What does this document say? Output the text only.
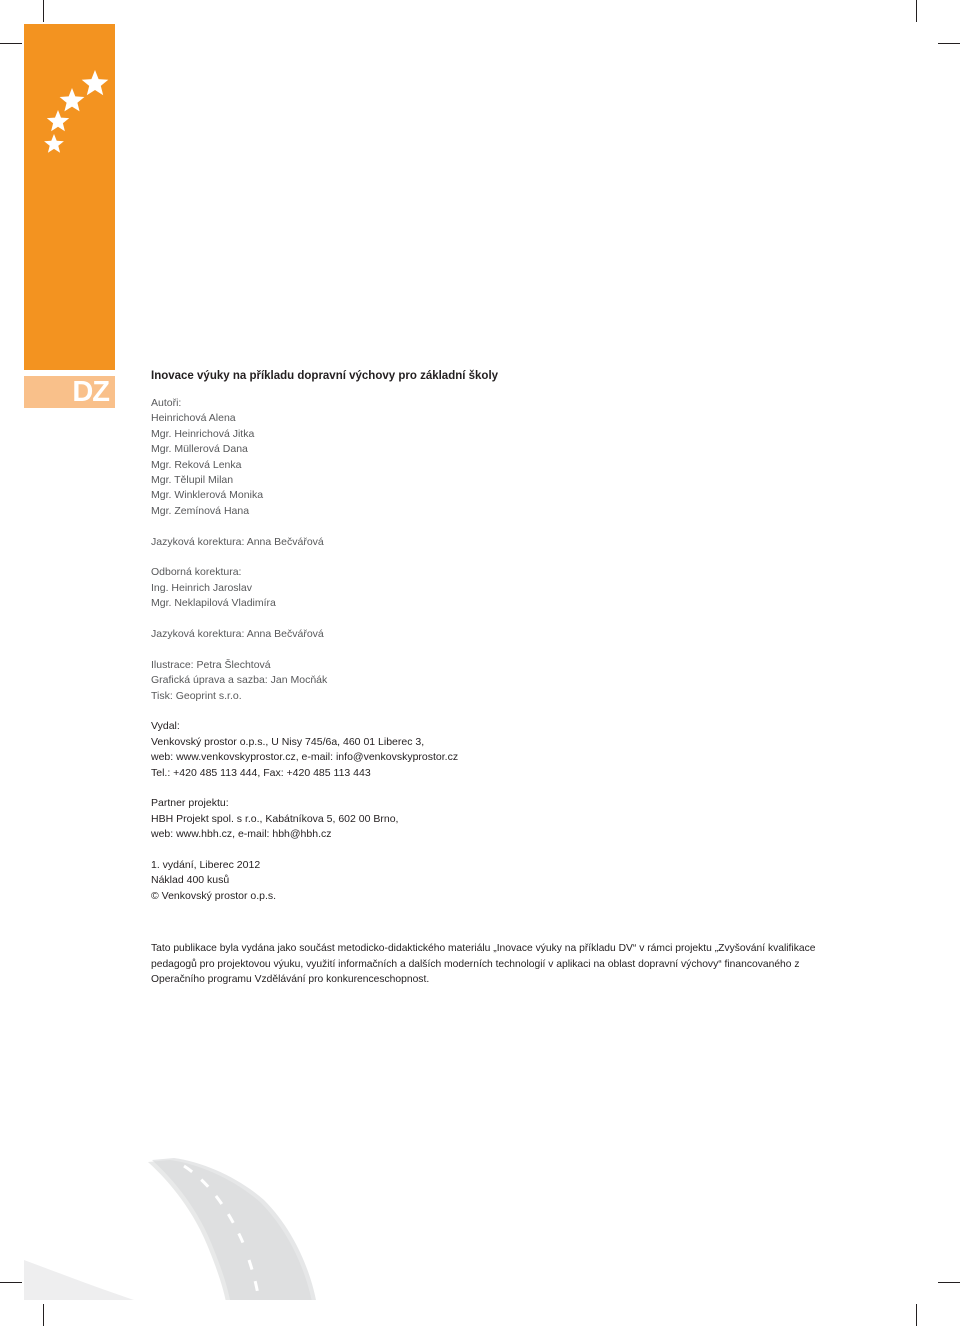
DZ	Inovace výuky na příkladu dopravní výchovy pro základní školy
Autoři:
Heinrichová Alena
Mgr. Heinrichová Jitka
Mgr. Müllerová Dana
Mgr. Reková Lenka
Mgr. Tělupil Milan
Mgr. Winklerová Monika
Mgr. Zemínová Hana
Jazyková korektura: Anna Bečvářová
Odborná korektura:
Ing. Heinrich Jaroslav
Mgr. Neklapilová Vladimíra
Jazyková korektura: Anna Bečvářová
Ilustrace: Petra Šlechtová
Grafická úprava a sazba: Jan Mocňák
Tisk: Geoprint s.r.o.
Vydal:
Venkovský prostor o.p.s., U Nisy 745/6a, 460 01 Liberec 3,
web: www.venkovskyprostor.cz, e-mail: info@venkovskyprostor.cz
Tel.: +420 485 113 444, Fax: +420 485 113 443
Partner projektu:
HBH Projekt spol. s r.o., Kabátníkova 5, 602 00 Brno,
web: www.hbh.cz, e-mail: hbh@hbh.cz
1. vydání, Liberec 2012
Náklad 400 kusů
© Venkovský prostor o.p.s.
Tato publikace byla vydána jako součást metodicko-didaktického materiálu „Inovace výuky na příkladu DV“ v rámci projektu „Zvyšování kvalifikace pedagogů pro projektovou výuku, využití informačních a dalších moderních technologií v aplikaci na oblast dopravní výchovy“ financovaného z Operačního programu Vzdělávání pro konkurenceschopnost.
